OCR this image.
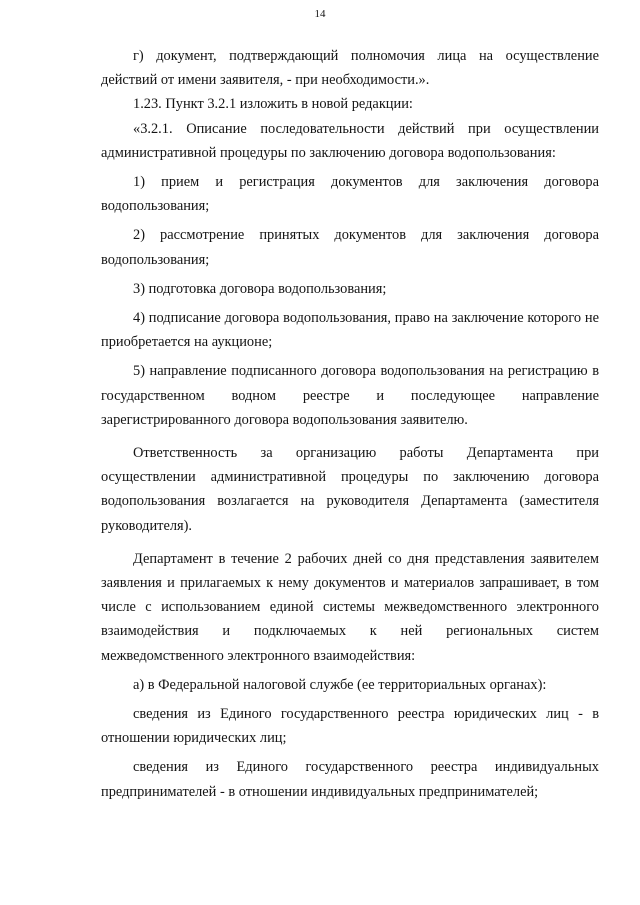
14

г) документ, подтверждающий полномочия лица на осуществление действий от имени заявителя, - при необходимости.».

1.23. Пункт 3.2.1 изложить в новой редакции:

«3.2.1. Описание последовательности действий при осуществлении административной процедуры по заключению договора водопользования:

1) прием и регистрация документов для заключения договора водопользования;

2) рассмотрение принятых документов для заключения договора водопользования;

3) подготовка договора водопользования;

4) подписание договора водопользования, право на заключение которого не приобретается на аукционе;

5) направление подписанного договора водопользования на регистрацию в государственном водном реестре и последующее направление зарегистрированного договора водопользования заявителю.

Ответственность за организацию работы Департамента при осуществлении административной процедуры по заключению договора водопользования возлагается на руководителя Департамента (заместителя руководителя).

Департамент в течение 2 рабочих дней со дня представления заявителем заявления и прилагаемых к нему документов и материалов запрашивает, в том числе с использованием единой системы межведомственного электронного взаимодействия и подключаемых к ней региональных систем межведомственного электронного взаимодействия:

а) в Федеральной налоговой службе (ее территориальных органах):

сведения из Единого государственного реестра юридических лиц - в отношении юридических лиц;

сведения из Единого государственного реестра индивидуальных предпринимателей - в отношении индивидуальных предпринимателей;
